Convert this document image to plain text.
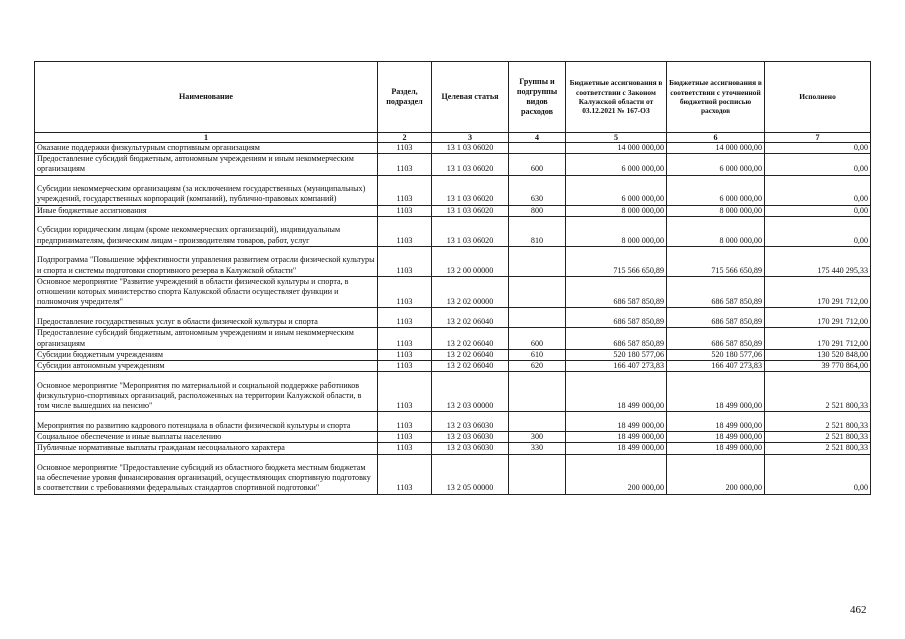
Наименование	Раздел, подраздел	Целевая статья	Группы и подгруппы видов расходов	Бюджетные ассигнования в соответствии с Законом Калужской области от 03.12.2021 № 167-ОЗ	Бюджетные ассигнования в соответствии с уточненной бюджетной росписью расходов	Исполнено
1	2	3	4	5	6	7
Оказание поддержки физкультурным спортивным организациям	1103	13 1 03 06020		14 000 000,00	14 000 000,00	0,00
Предоставление субсидий бюджетным, автономным учреждениям и иным некоммерческим организациям	1103	13 1 03 06020	600	6 000 000,00	6 000 000,00	0,00
Субсидии некоммерческим организациям (за исключением государственных (муниципальных) учреждений, государственных корпораций (компаний), публично-правовых компаний)	1103	13 1 03 06020	630	6 000 000,00	6 000 000,00	0,00
Иные бюджетные ассигнования	1103	13 1 03 06020	800	8 000 000,00	8 000 000,00	0,00
Субсидии юридическим лицам (кроме некоммерческих организаций), индивидуальным предпринимателям, физическим лицам - производителям товаров, работ, услуг	1103	13 1 03 06020	810	8 000 000,00	8 000 000,00	0,00
Подпрограмма "Повышение эффективности управления развитием отрасли физической культуры и спорта и системы подготовки спортивного резерва в Калужской области"	1103	13 2 00 00000		715 566 650,89	715 566 650,89	175 440 295,33
Основное мероприятие "Развитие учреждений в области физической культуры и спорта, в отношении которых министерство спорта Калужской области осуществляет функции и полномочия учредителя"	1103	13 2 02 00000		686 587 850,89	686 587 850,89	170 291 712,00
Предоставление государственных услуг в области физической культуры и спорта	1103	13 2 02 06040		686 587 850,89	686 587 850,89	170 291 712,00
Предоставление субсидий бюджетным, автономным учреждениям и иным некоммерческим организациям	1103	13 2 02 06040	600	686 587 850,89	686 587 850,89	170 291 712,00
Субсидии бюджетным учреждениям	1103	13 2 02 06040	610	520 180 577,06	520 180 577,06	130 520 848,00
Субсидии автономным учреждениям	1103	13 2 02 06040	620	166 407 273,83	166 407 273,83	39 770 864,00
Основное мероприятие "Мероприятия по материальной и социальной поддержке работников физкультурно-спортивных организаций, расположенных на территории Калужской области, в том числе вышедших на пенсию"	1103	13 2 03 00000		18 499 000,00	18 499 000,00	2 521 800,33
Мероприятия по развитию кадрового потенциала в области физической культуры и спорта	1103	13 2 03 06030		18 499 000,00	18 499 000,00	2 521 800,33
Социальное обеспечение и иные выплаты населению	1103	13 2 03 06030	300	18 499 000,00	18 499 000,00	2 521 800,33
Публичные нормативные выплаты гражданам несоциального характера	1103	13 2 03 06030	330	18 499 000,00	18 499 000,00	2 521 800,33
Основное мероприятие "Предоставление субсидий из областного бюджета местным бюджетам на обеспечение уровня финансирования организаций, осуществляющих спортивную подготовку в соответствии с требованиями федеральных стандартов спортивной подготовки"	1103	13 2 05 00000		200 000,00	200 000,00	0,00
462
